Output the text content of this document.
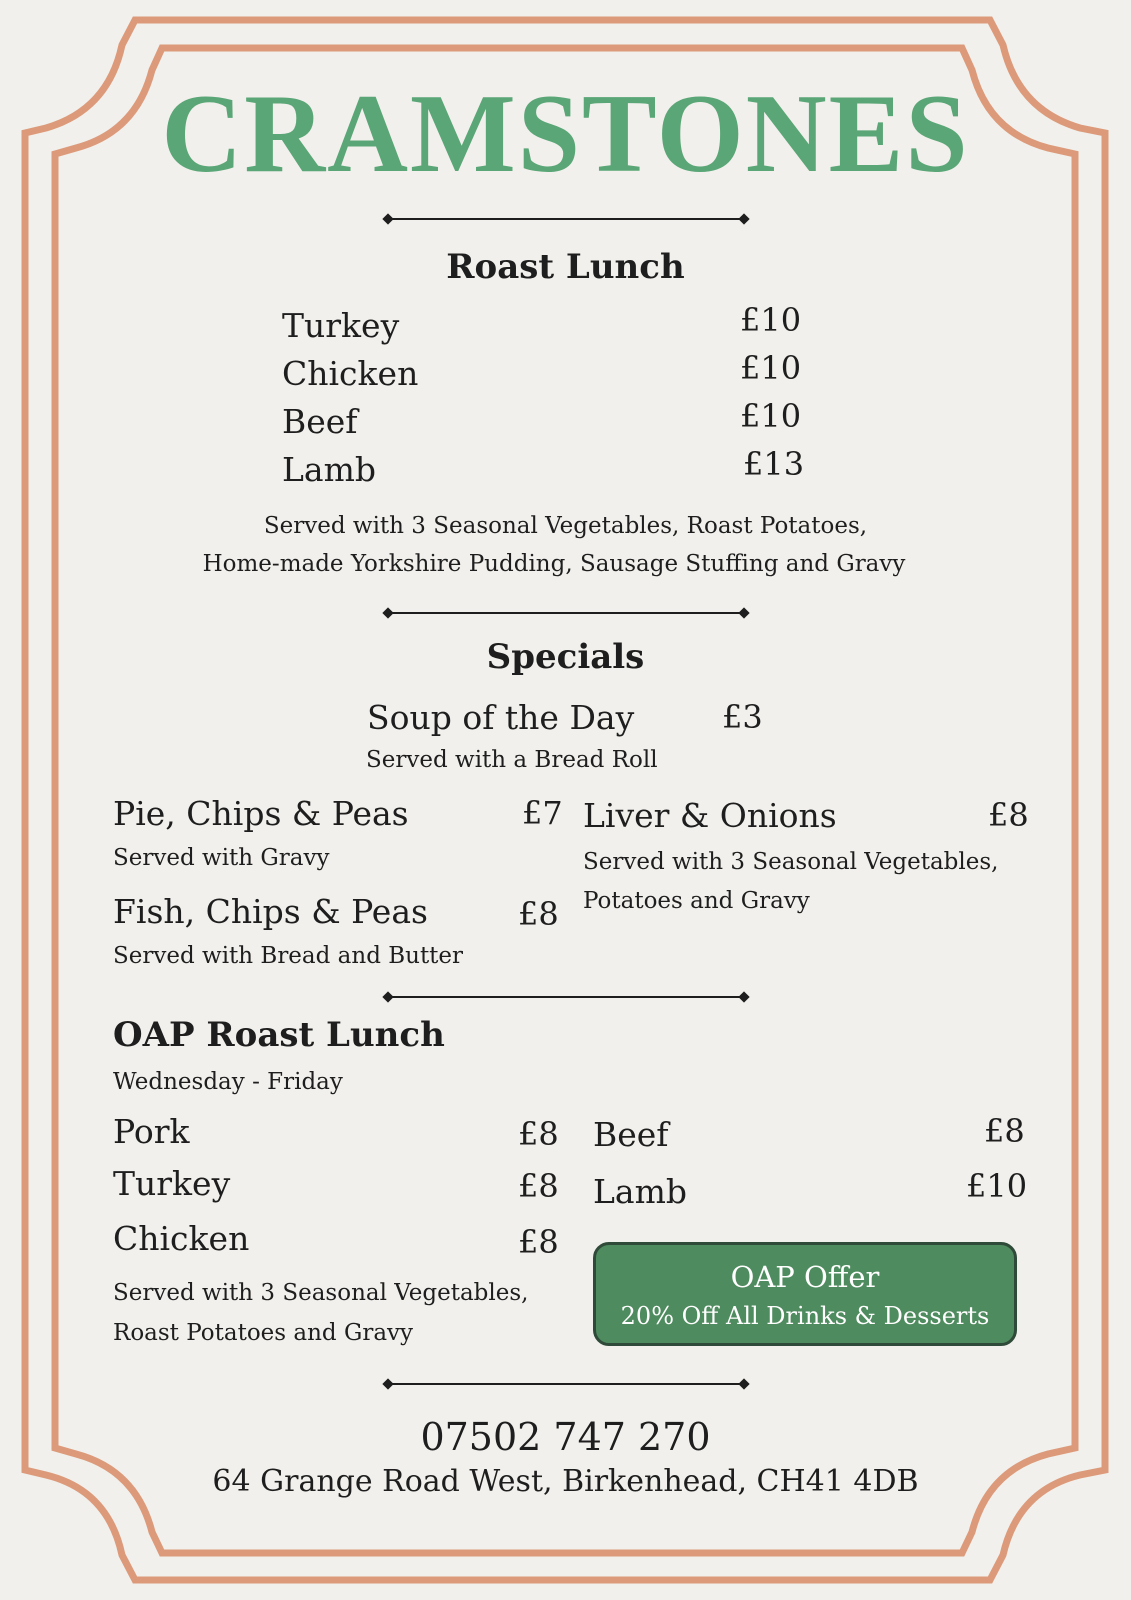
CRAMSTONES
Roast Lunch
Turkey	£10
Chicken	£10
Beef	£10
Lamb	£13
Served with 3 Seasonal Vegetables, Roast Potatoes,
Home-made Yorkshire Pudding, Sausage Stuffing and Gravy
Specials
Soup of the Day	£3
Served with a Bread Roll
Pie, Chips & Peas	£7
Served with Gravy
Fish, Chips & Peas	£8
Served with Bread and Butter
Liver & Onions	£8
Served with 3 Seasonal Vegetables,
Potatoes and Gravy
OAP Roast Lunch
Wednesday - Friday
Pork	£8
Turkey	£8
Chicken	£8
Beef	£8
Lamb	£10
Served with 3 Seasonal Vegetables,
Roast Potatoes and Gravy
OAP Offer
20% Off All Drinks & Desserts
07502 747 270
64 Grange Road West, Birkenhead, CH41 4DB
